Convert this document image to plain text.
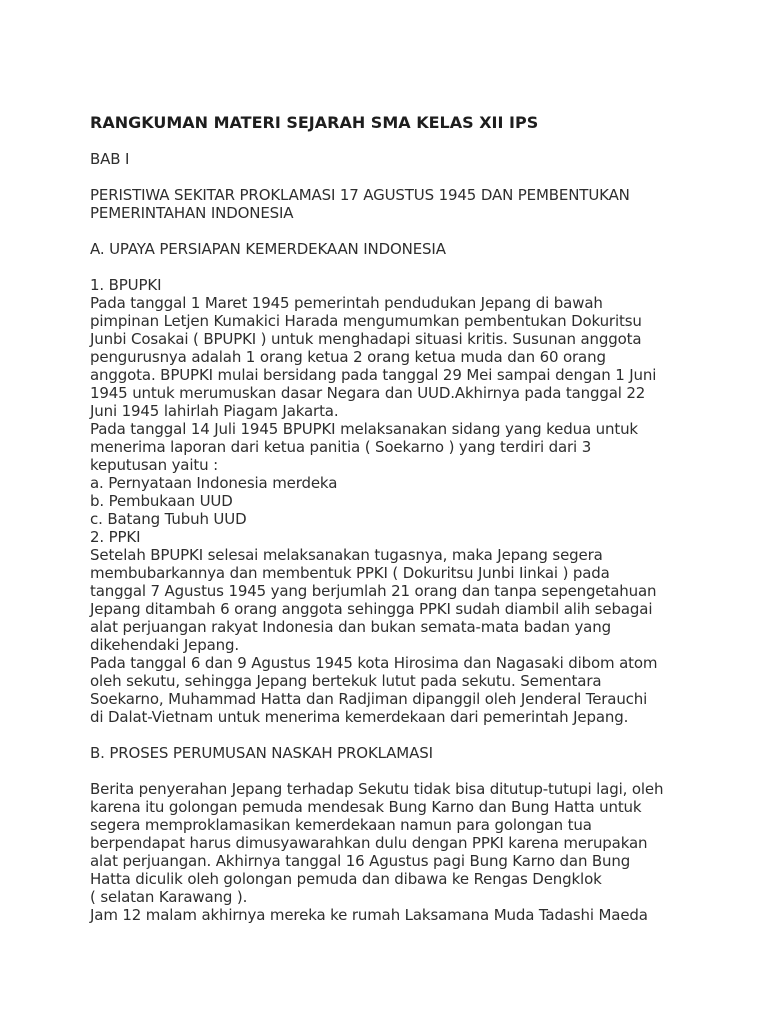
RANGKUMAN MATERI SEJARAH SMA KELAS XII IPS
BAB I
PERISTIWA SEKITAR PROKLAMASI 17 AGUSTUS 1945 DAN PEMBENTUKAN
PEMERINTAHAN INDONESIA
A. UPAYA PERSIAPAN KEMERDEKAAN INDONESIA
1. BPUPKI
Pada tanggal 1 Maret 1945 pemerintah pendudukan Jepang di bawah
pimpinan Letjen Kumakici Harada mengumumkan pembentukan Dokuritsu
Junbi Cosakai ( BPUPKI ) untuk menghadapi situasi kritis. Susunan anggota
pengurusnya adalah 1 orang ketua 2 orang ketua muda dan 60 orang
anggota. BPUPKI mulai bersidang pada tanggal 29 Mei sampai dengan 1 Juni
1945 untuk merumuskan dasar Negara dan UUD.Akhirnya pada tanggal 22
Juni 1945 lahirlah Piagam Jakarta.
Pada tanggal 14 Juli 1945 BPUPKI melaksanakan sidang yang kedua untuk
menerima laporan dari ketua panitia ( Soekarno ) yang terdiri dari 3
keputusan yaitu :
a. Pernyataan Indonesia merdeka
b. Pembukaan UUD
c. Batang Tubuh UUD
2. PPKI
Setelah BPUPKI selesai melaksanakan tugasnya, maka Jepang segera
membubarkannya dan membentuk PPKI ( Dokuritsu Junbi Iinkai ) pada
tanggal 7 Agustus 1945 yang berjumlah 21 orang dan tanpa sepengetahuan
Jepang ditambah 6 orang anggota sehingga PPKI sudah diambil alih sebagai
alat perjuangan rakyat Indonesia dan bukan semata-mata badan yang
dikehendaki Jepang.
Pada tanggal 6 dan 9 Agustus 1945 kota Hirosima dan Nagasaki dibom atom
oleh sekutu, sehingga Jepang bertekuk lutut pada sekutu. Sementara
Soekarno, Muhammad Hatta dan Radjiman dipanggil oleh Jenderal Terauchi
di Dalat-Vietnam untuk menerima kemerdekaan dari pemerintah Jepang.
B. PROSES PERUMUSAN NASKAH PROKLAMASI
Berita penyerahan Jepang terhadap Sekutu tidak bisa ditutup-tutupi lagi, oleh
karena itu golongan pemuda mendesak Bung Karno dan Bung Hatta untuk
segera memproklamasikan kemerdekaan namun para golongan tua
berpendapat harus dimusyawarahkan dulu dengan PPKI karena merupakan
alat perjuangan. Akhirnya tanggal 16 Agustus pagi Bung Karno dan Bung
Hatta diculik oleh golongan pemuda dan dibawa ke Rengas Dengklok
( selatan Karawang ).
Jam 12 malam akhirnya mereka ke rumah Laksamana Muda Tadashi Maeda
